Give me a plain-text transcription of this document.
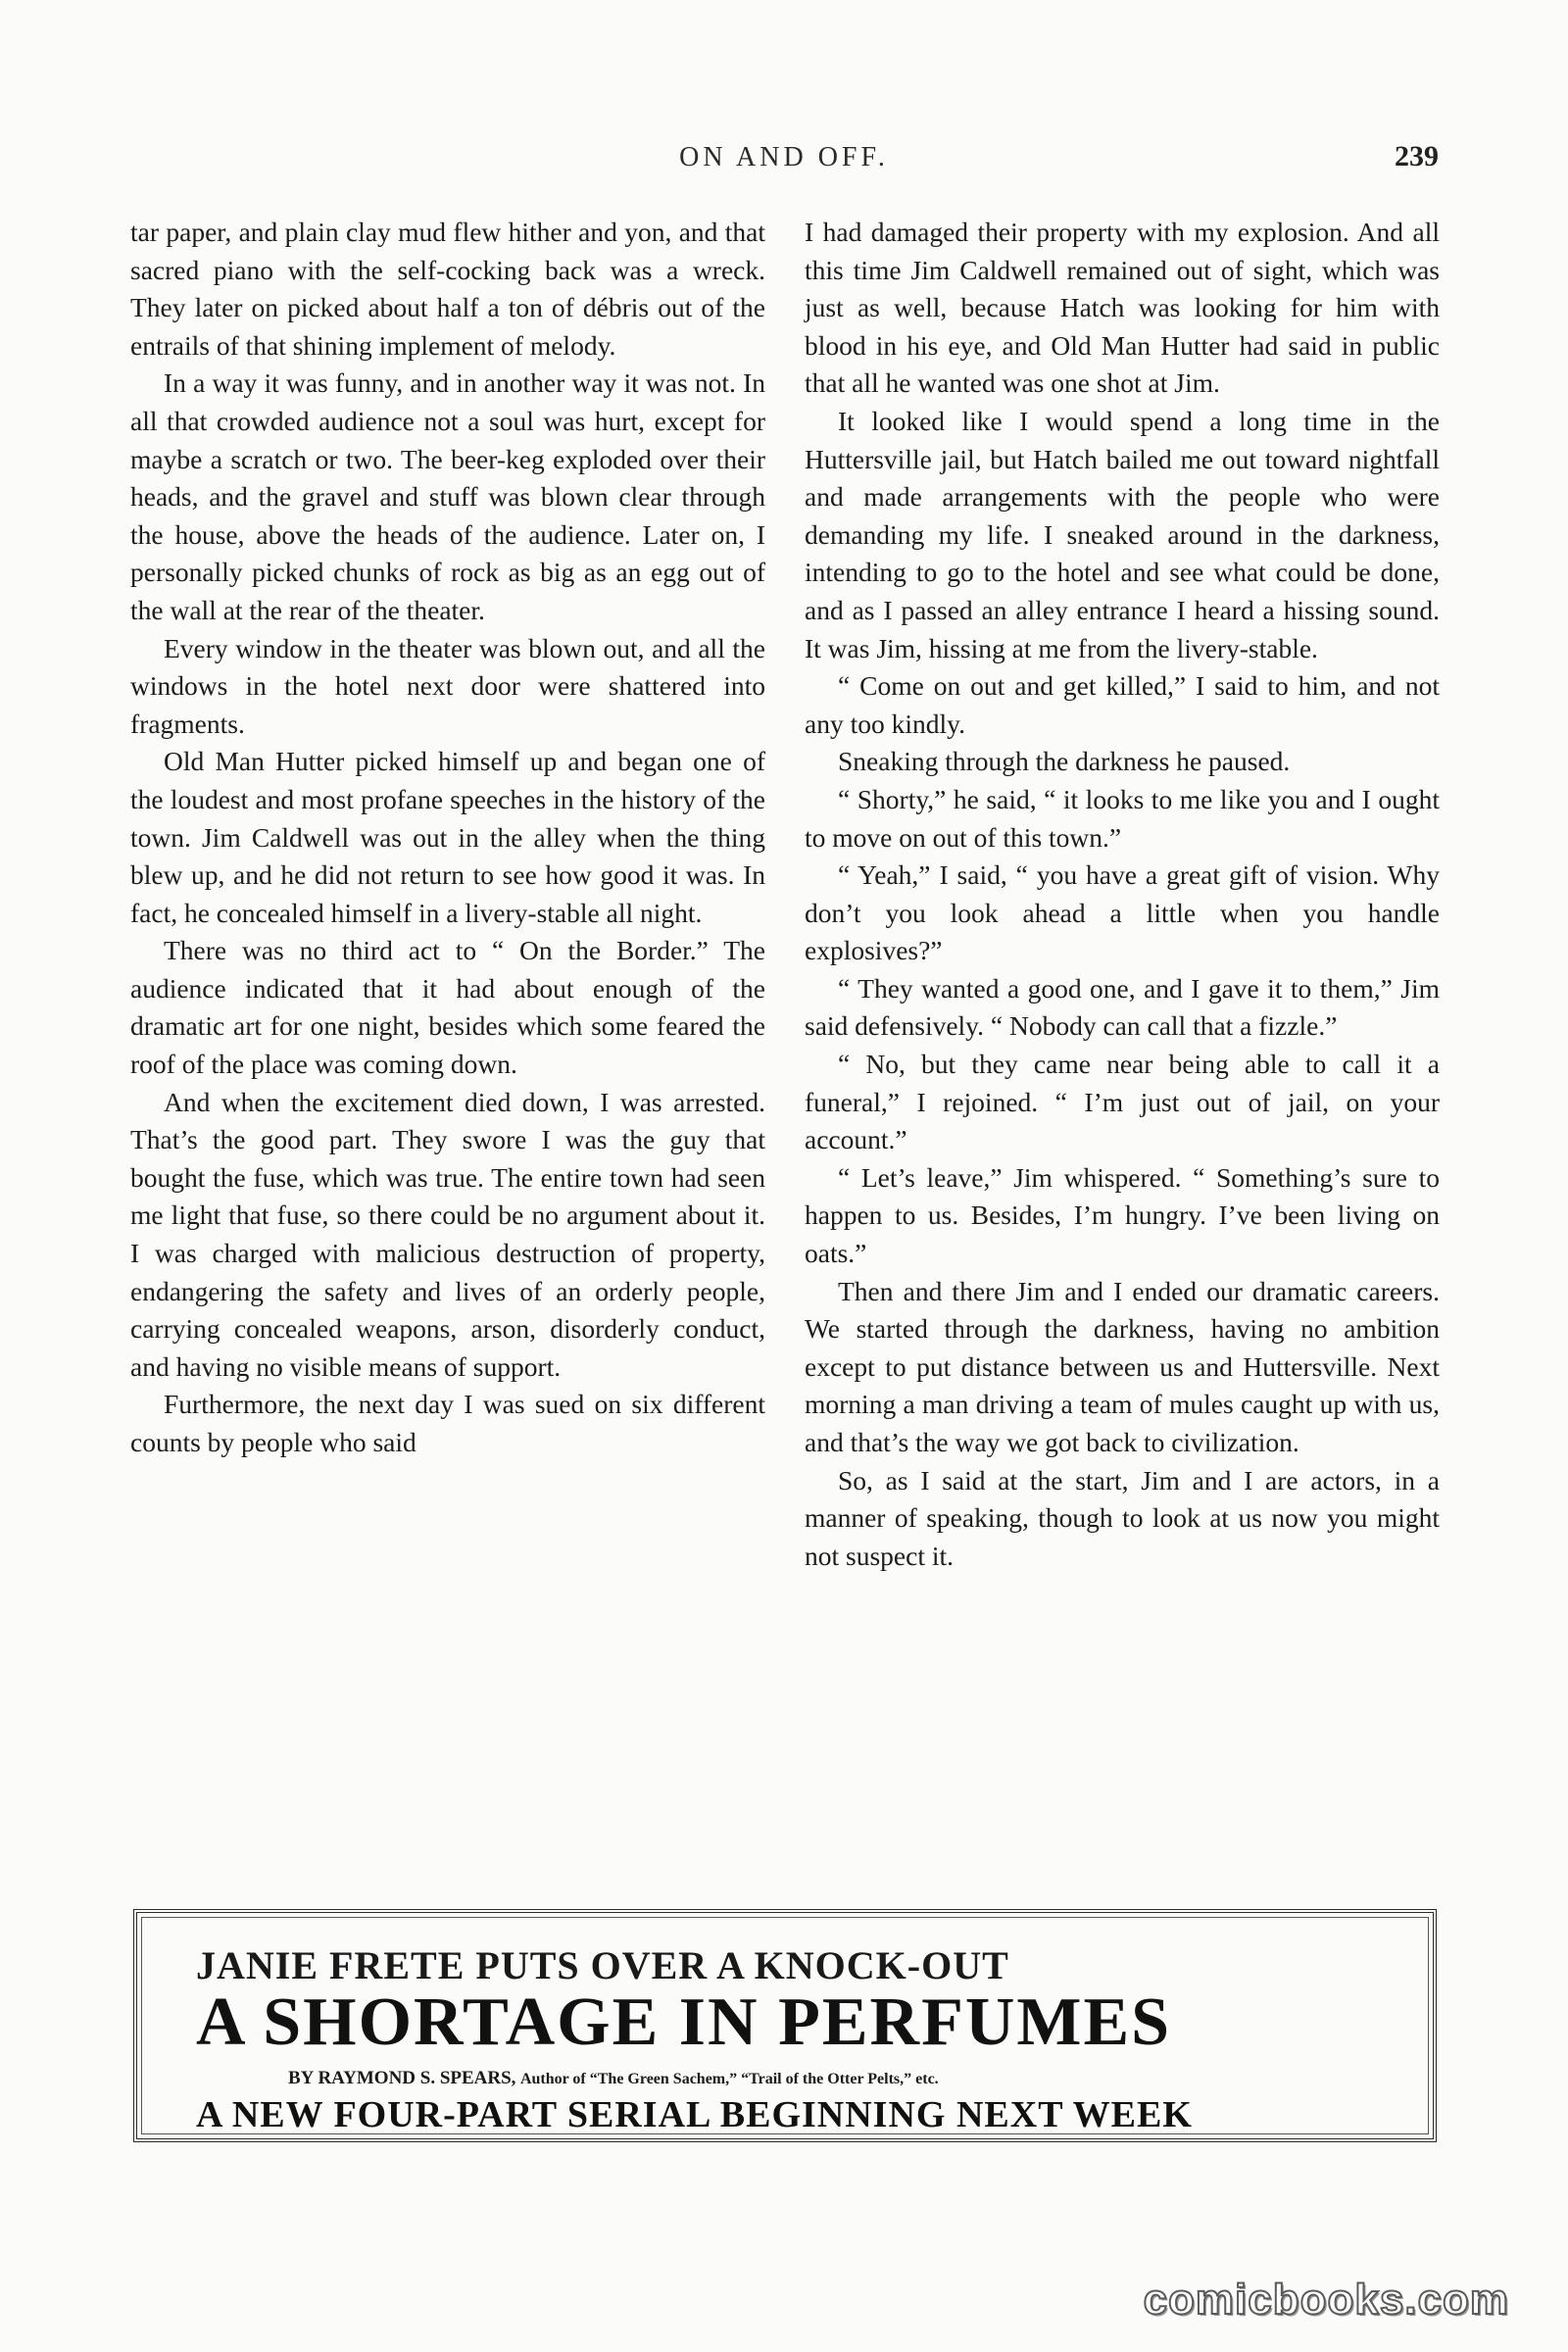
ON AND OFF.	239

tar paper, and plain clay mud flew hither and yon, and that sacred piano with the self-cocking back was a wreck. They later on picked about half a ton of débris out of the entrails of that shining implement of melody.

In a way it was funny, and in another way it was not. In all that crowded audience not a soul was hurt, except for maybe a scratch or two. The beer-keg exploded over their heads, and the gravel and stuff was blown clear through the house, above the heads of the audience. Later on, I personally picked chunks of rock as big as an egg out of the wall at the rear of the theater.

Every window in the theater was blown out, and all the windows in the hotel next door were shattered into fragments.

Old Man Hutter picked himself up and began one of the loudest and most profane speeches in the history of the town. Jim Caldwell was out in the alley when the thing blew up, and he did not return to see how good it was. In fact, he concealed himself in a livery-stable all night.

There was no third act to “ On the Border.” The audience indicated that it had about enough of the dramatic art for one night, besides which some feared the roof of the place was coming down.

And when the excitement died down, I was arrested. That’s the good part. They swore I was the guy that bought the fuse, which was true. The entire town had seen me light that fuse, so there could be no argument about it. I was charged with malicious destruction of property, endangering the safety and lives of an orderly people, carrying concealed weapons, arson, disorderly conduct, and having no visible means of support.

Furthermore, the next day I was sued on six different counts by people who said

I had damaged their property with my explosion. And all this time Jim Caldwell remained out of sight, which was just as well, because Hatch was looking for him with blood in his eye, and Old Man Hutter had said in public that all he wanted was one shot at Jim.

It looked like I would spend a long time in the Huttersville jail, but Hatch bailed me out toward nightfall and made arrangements with the people who were demanding my life. I sneaked around in the darkness, intending to go to the hotel and see what could be done, and as I passed an alley entrance I heard a hissing sound. It was Jim, hissing at me from the livery-stable.

“ Come on out and get killed,” I said to him, and not any too kindly.

Sneaking through the darkness he paused.

“ Shorty,” he said, “ it looks to me like you and I ought to move on out of this town.”

“ Yeah,” I said, “ you have a great gift of vision. Why don’t you look ahead a little when you handle explosives?”

“ They wanted a good one, and I gave it to them,” Jim said defensively. “ Nobody can call that a fizzle.”

“ No, but they came near being able to call it a funeral,” I rejoined. “ I’m just out of jail, on your account.”

“ Let’s leave,” Jim whispered. “ Something’s sure to happen to us. Besides, I’m hungry. I’ve been living on oats.”

Then and there Jim and I ended our dramatic careers. We started through the darkness, having no ambition except to put distance between us and Huttersville. Next morning a man driving a team of mules caught up with us, and that’s the way we got back to civilization.

So, as I said at the start, Jim and I are actors, in a manner of speaking, though to look at us now you might not suspect it.

JANIE FRETE PUTS OVER A KNOCK-OUT
A SHORTAGE IN PERFUMES
BY RAYMOND S. SPEARS, Author of “The Green Sachem,” “Trail of the Otter Pelts,” etc.
A NEW FOUR-PART SERIAL BEGINNING NEXT WEEK
comicbooks.com
